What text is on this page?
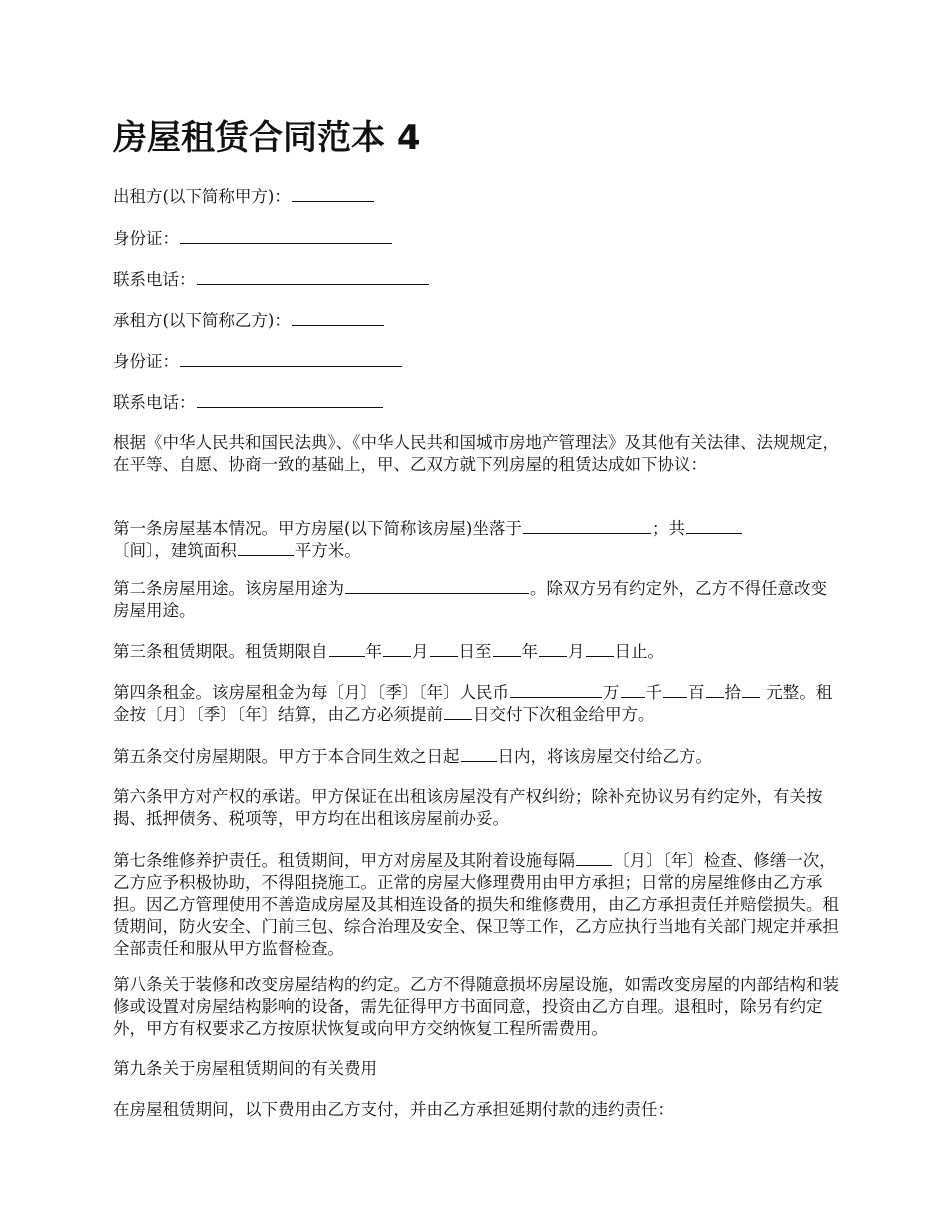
房屋租赁合同范本 4

出租方(以下简称甲方)：

身份证：

联系电话：

承租方(以下简称乙方)：

身份证：

联系电话：

根据《中华人民共和国民法典》、《中华人民共和国城市房地产管理法》及其他有关法律、法规规定，在平等、自愿、协商一致的基础上，甲、乙双方就下列房屋的租赁达成如下协议：

第一条房屋基本情况。甲方房屋(以下简称该房屋)坐落于	；共
〔间〕，建筑面积	平方米。

第二条房屋用途。该房屋用途为	。除双方另有约定外，乙方不得任意改变房屋用途。

第三条租赁期限。租赁期限自 年 月 日至 年 月 日止。

第四条租金。该房屋租金为每〔月〕〔季〕〔年〕人民币	万 千 百 拾 元整。租金按〔月〕〔季〕〔年〕结算，由乙方必须提前 日交付下次租金给甲方。

第五条交付房屋期限。甲方于本合同生效之日起 日内，将该房屋交付给乙方。

第六条甲方对产权的承诺。甲方保证在出租该房屋没有产权纠纷；除补充协议另有约定外，有关按揭、抵押债务、税项等，甲方均在出租该房屋前办妥。

第七条维修养护责任。租赁期间，甲方对房屋及其附着设施每隔 〔月〕〔年〕检查、修缮一次，乙方应予积极协助，不得阻挠施工。正常的房屋大修理费用由甲方承担；日常的房屋维修由乙方承担。因乙方管理使用不善造成房屋及其相连设备的损失和维修费用，由乙方承担责任并赔偿损失。租赁期间，防火安全、门前三包、综合治理及安全、保卫等工作，乙方应执行当地有关部门规定并承担全部责任和服从甲方监督检查。

第八条关于装修和改变房屋结构的约定。乙方不得随意损坏房屋设施，如需改变房屋的内部结构和装修或设置对房屋结构影响的设备，需先征得甲方书面同意，投资由乙方自理。退租时，除另有约定外，甲方有权要求乙方按原状恢复或向甲方交纳恢复工程所需费用。

第九条关于房屋租赁期间的有关费用

在房屋租赁期间，以下费用由乙方支付，并由乙方承担延期付款的违约责任：
